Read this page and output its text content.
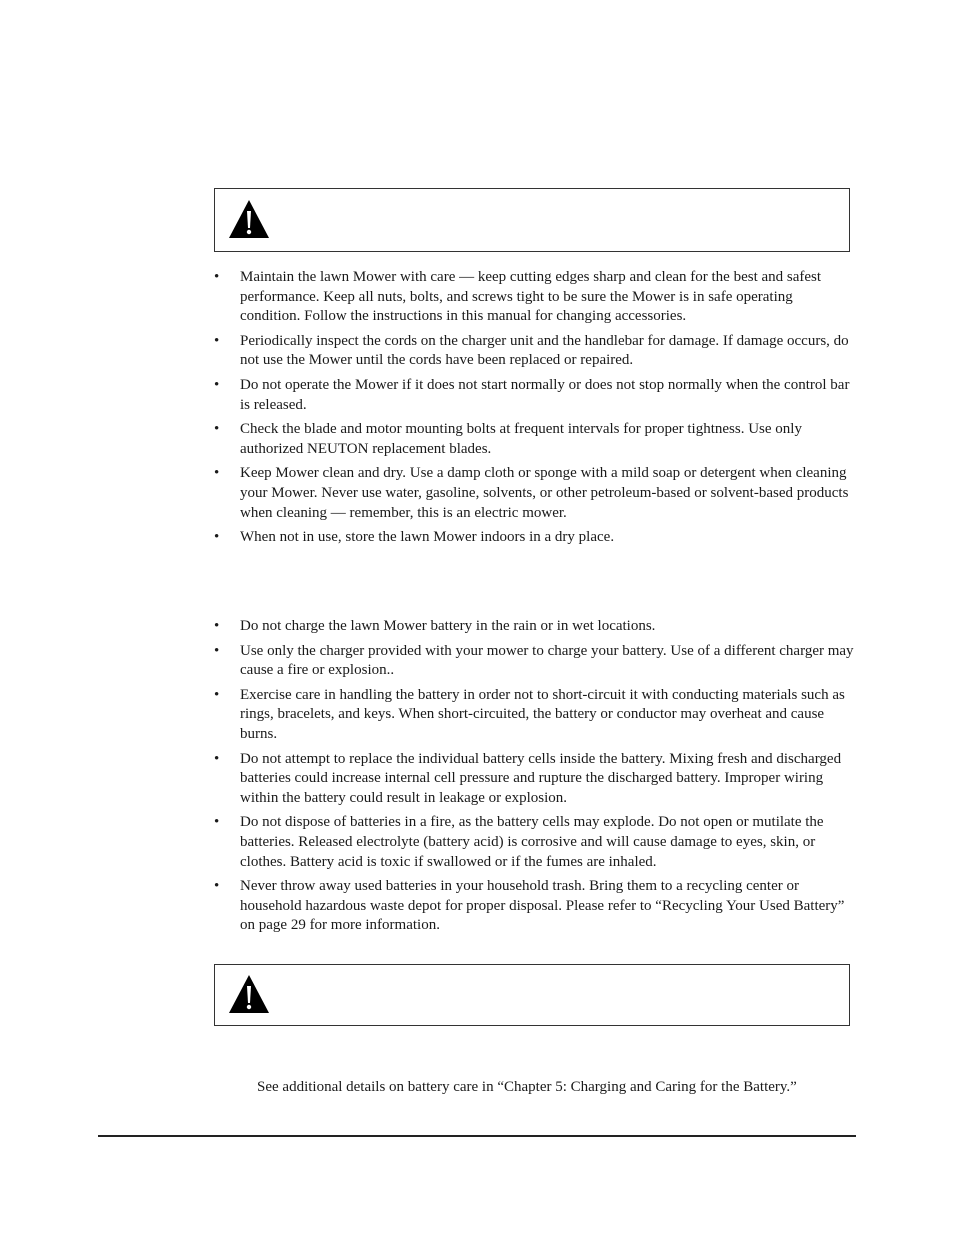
•	Maintain the lawn Mower with care — keep cutting edges sharp and clean for the best and safest performance. Keep all nuts, bolts, and screws tight to be sure the Mower is in safe operating condition. Follow the instructions in this manual for changing accessories.
•	Periodically inspect the cords on the charger unit and the handlebar for damage. If damage occurs, do not use the Mower until the cords have been replaced or repaired.
•	Do not operate the Mower if it does not start normally or does not stop normally when the control bar is released.
•	Check the blade and motor mounting bolts at frequent intervals for proper tightness. Use only authorized NEUTON replacement blades.
•	Keep Mower clean and dry. Use a damp cloth or sponge with a mild soap or detergent when cleaning your Mower. Never use water, gasoline, solvents, or other petroleum-based or solvent-based products when cleaning — remember, this is an electric mower.
•	When not in use, store the lawn Mower indoors in a dry place.
•	Do not charge the lawn Mower battery in the rain or in wet locations.
•	Use only the charger provided with your mower to charge your battery. Use of a different charger may cause a fire or explosion..
•	Exercise care in handling the battery in order not to short-circuit it with conducting materials such as rings, bracelets, and keys. When short-circuited, the battery or conductor may overheat and cause burns.
•	Do not attempt to replace the individual battery cells inside the battery. Mixing fresh and discharged batteries could increase internal cell pressure and rupture the discharged battery. Improper wiring within the battery could result in leakage or explosion.
•	Do not dispose of batteries in a fire, as the battery cells may explode. Do not open or mutilate the batteries. Released electrolyte (battery acid) is corrosive and will cause damage to eyes, skin, or clothes. Battery acid is toxic if swallowed or if the fumes are inhaled.
•	Never throw away used batteries in your household trash. Bring them to a recycling center or household hazardous waste depot for proper disposal. Please refer to “Recycling Your Used Battery” on page 29 for more information.
See additional details on battery care in “Chapter 5: Charging and Caring for the Battery.”
